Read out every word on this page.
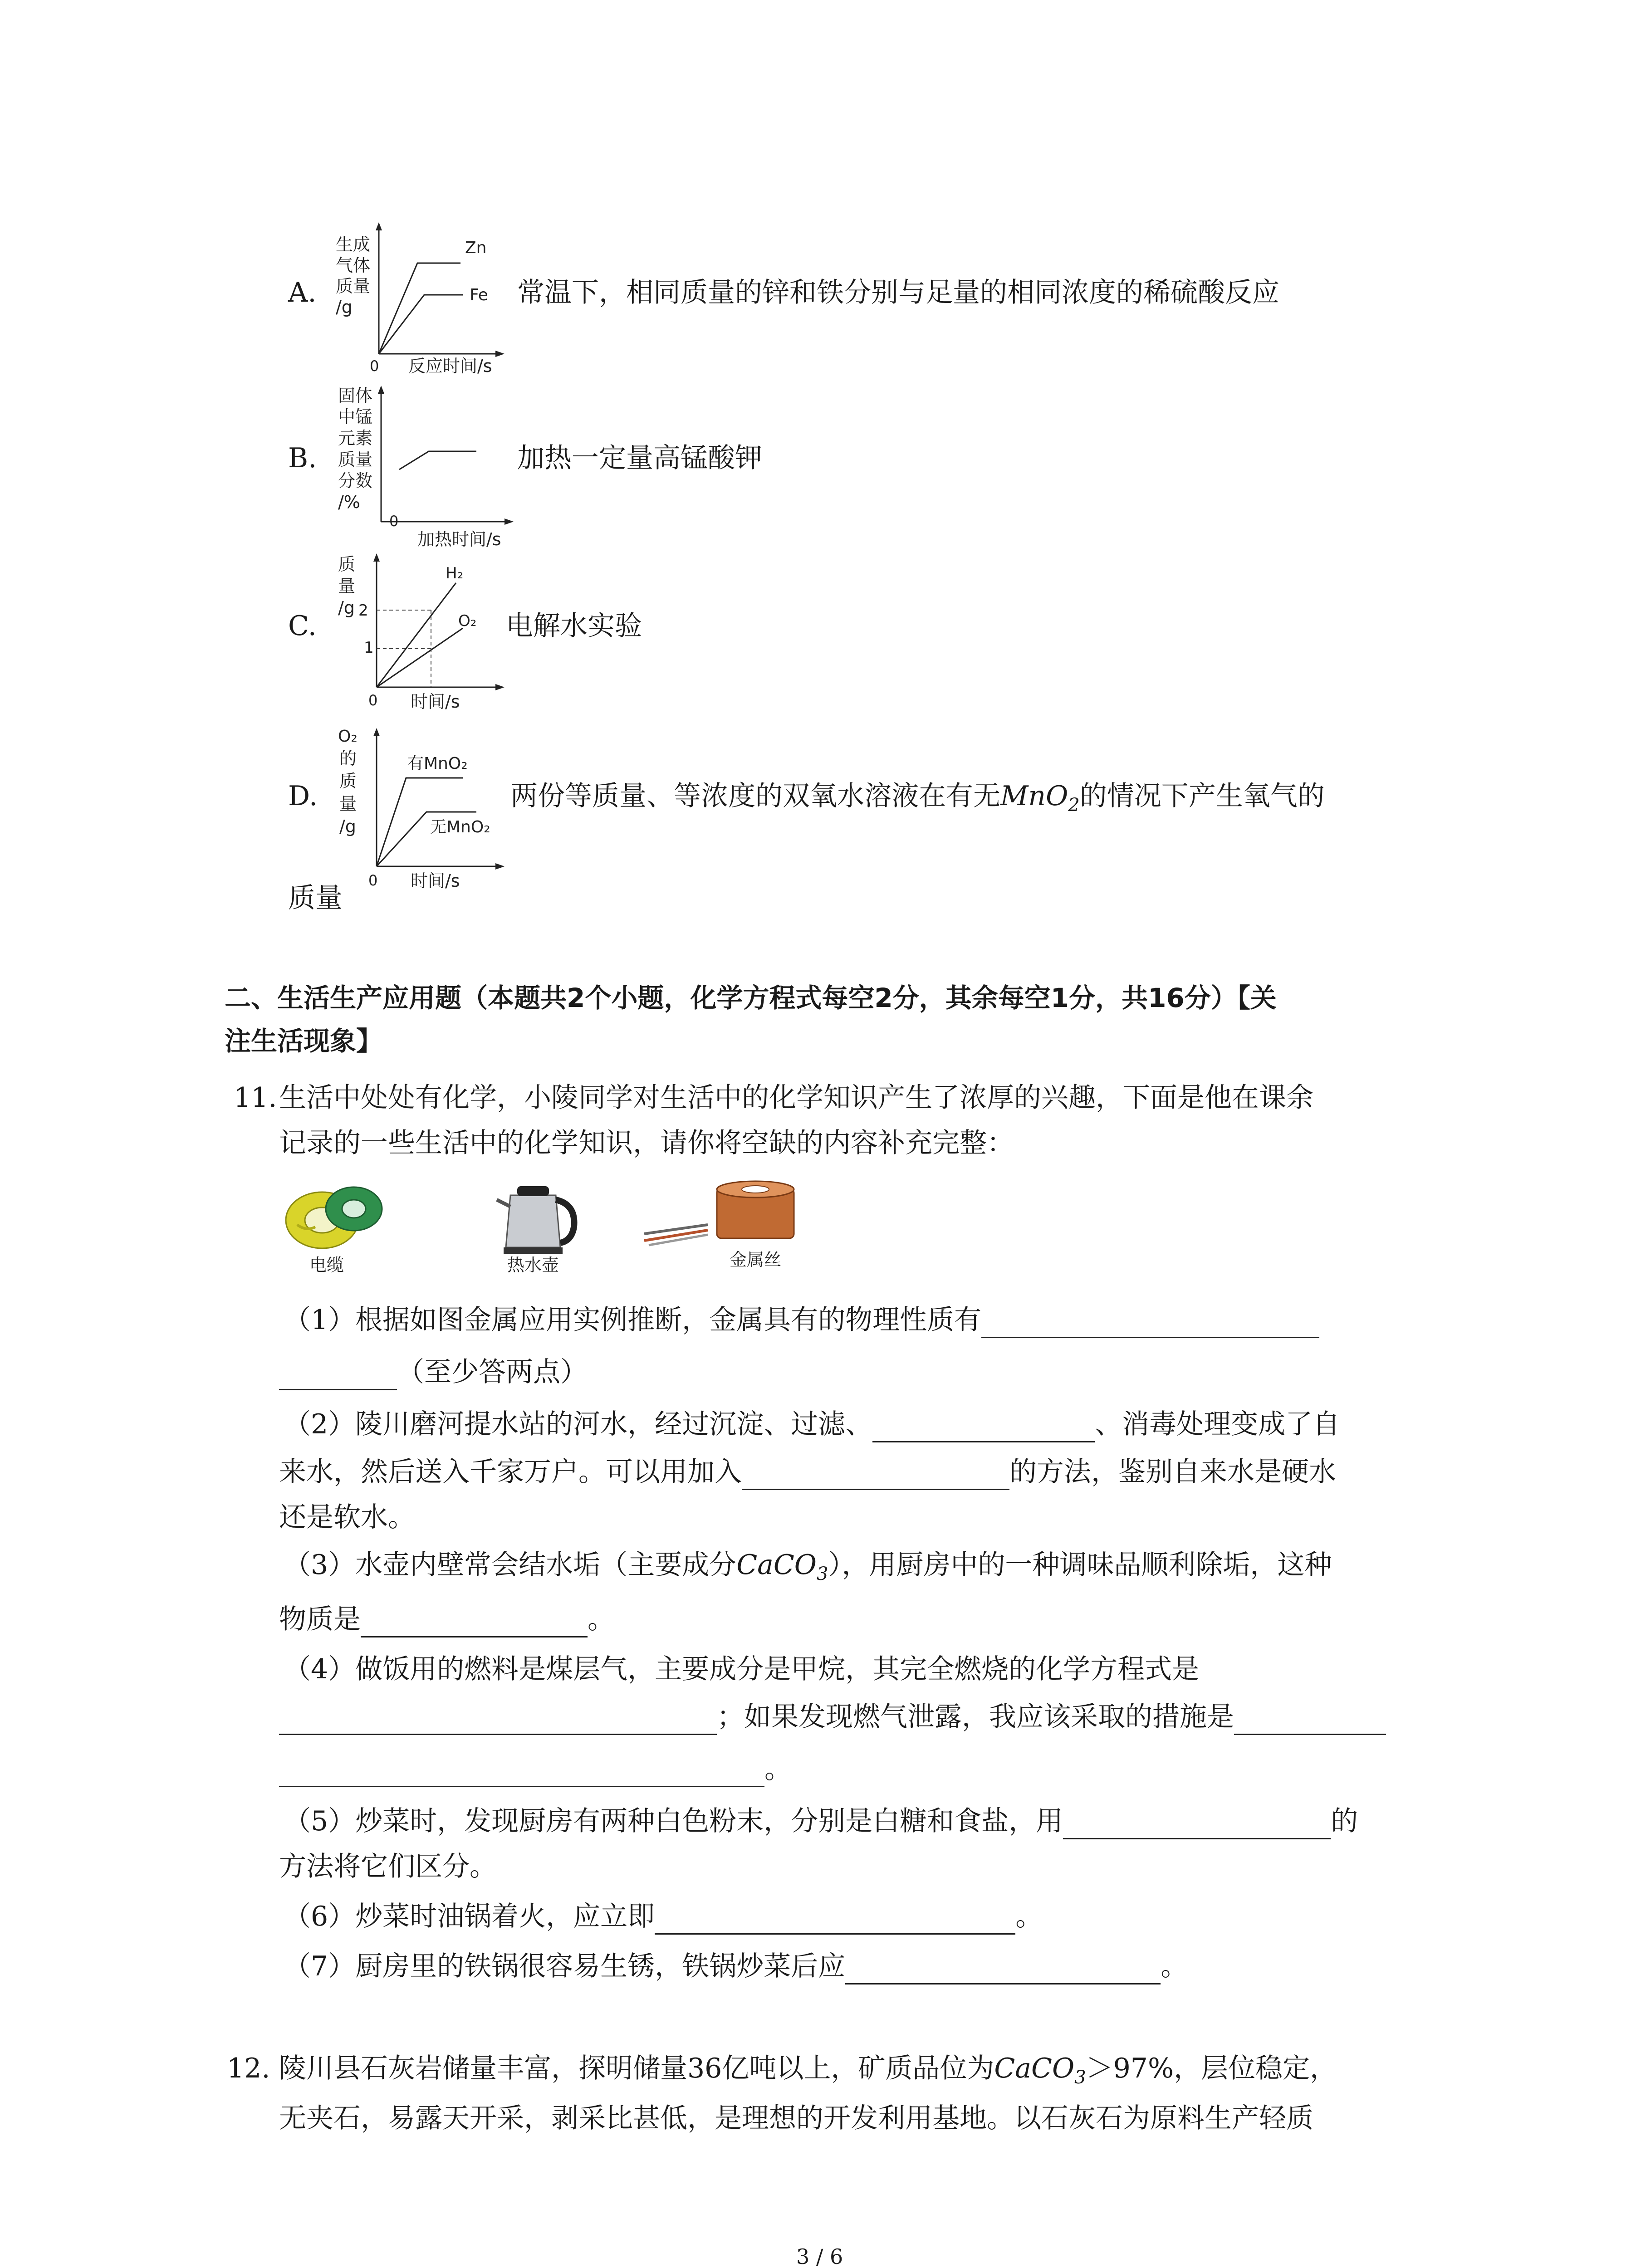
A.
生成
气体
质量
/g
0 反应时间/s
Zn
Fe 常温下，相同质量的锌和铁分别与足量的相同浓度的稀硫酸反应
B.
固体
中锰
元素
质量
分数
/%
0
加热时间/s
加热一定量高锰酸钾
C.
质
量
/g 2
1
H₂
O₂
0 时间/s
电解水实验
D.
O₂
的
质
量
/g
有MnO₂
无MnO₂
0 时间/s
两份等质量、等浓度的双氧水溶液在有无MnO$_2$的情况下产生氧气的
质量
二、生活生产应用题（本题共2个小题，化学方程式每空2分，其余每空1分，共16分）【关
注生活现象】
11. 生活中处处有化学，小陵同学对生活中的化学知识产生了浓厚的兴趣，下面是他在课余
记录的一些生活中的化学知识，请你将空缺的内容补充完整：
电缆	热水壶	金属丝
（1）根据如图金属应用实例推断，金属具有的物理性质有
（至少答两点）
（2）陵川磨河提水站的河水，经过沉淀、过滤、	、消毒处理变成了自
来水，然后送入千家万户。可以用加入	的方法，鉴别自来水是硬水
还是软水。
（3）水壶内壁常会结水垢（主要成分CaCO$_3$），用厨房中的一种调味品顺利除垢，这种
物质是	。
（4）做饭用的燃料是煤层气，主要成分是甲烷，其完全燃烧的化学方程式是
；如果发现燃气泄露，我应该采取的措施是
。
（5）炒菜时，发现厨房有两种白色粉末，分别是白糖和食盐，用	的
方法将它们区分。
（6）炒菜时油锅着火，应立即	。
（7）厨房里的铁锅很容易生锈，铁锅炒菜后应	。
12. 陵川县石灰岩储量丰富，探明储量36亿吨以上，矿质品位为CaCO$_3$＞97%，层位稳定，
无夹石，易露天开采，剥采比甚低，是理想的开发利用基地。以石灰石为原料生产轻质
3 / 6
